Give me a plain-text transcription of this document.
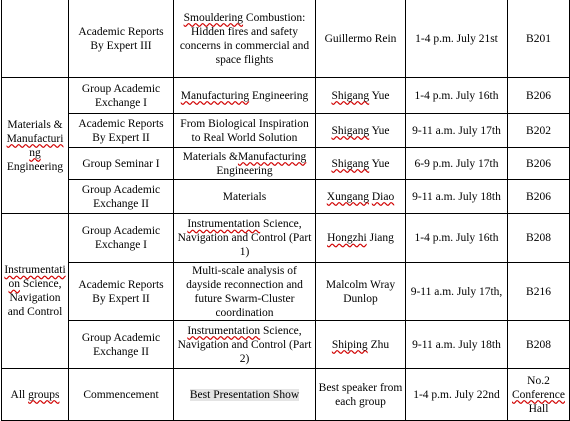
	Academic Reports By Expert III	Smouldering Combustion: Hidden fires and safety concerns in commercial and space flights	Guillermo Rein	1-4 p.m. July 21st	B201
Materials & Manufacturing Engineering	Group Academic Exchange I	Manufacturing Engineering	Shigang Yue	1-4 p.m. July 16th	B206
	Academic Reports By Expert II	From Biological Inspiration to Real World Solution	Shigang Yue	9-11 a.m. July 17th	B202
	Group Seminar I	Materials &Manufacturing Engineering	Shigang Yue	6-9 p.m. July 17th	B206
	Group Academic Exchange II	Materials	Xungang Diao	9-11 a.m. July 18th	B206
Instrumentation Science, Navigation and Control	Group Academic Exchange I	Instrumentation Science, Navigation and Control (Part 1)	Hongzhi Jiang	1-4 p.m. July 16th	B208
	Academic Reports By Expert II	Multi-scale analysis of dayside reconnection and future Swarm-Cluster coordination	Malcolm Wray Dunlop	9-11 a.m. July 17th,	B216
	Group Academic Exchange II	Instrumentation Science, Navigation and Control (Part 2)	Shiping Zhu	9-11 a.m. July 18th	B208
All groups	Commencement	Best Presentation Show	Best speaker from each group	1-4 p.m. July 22nd	No.2 Conference Hall
